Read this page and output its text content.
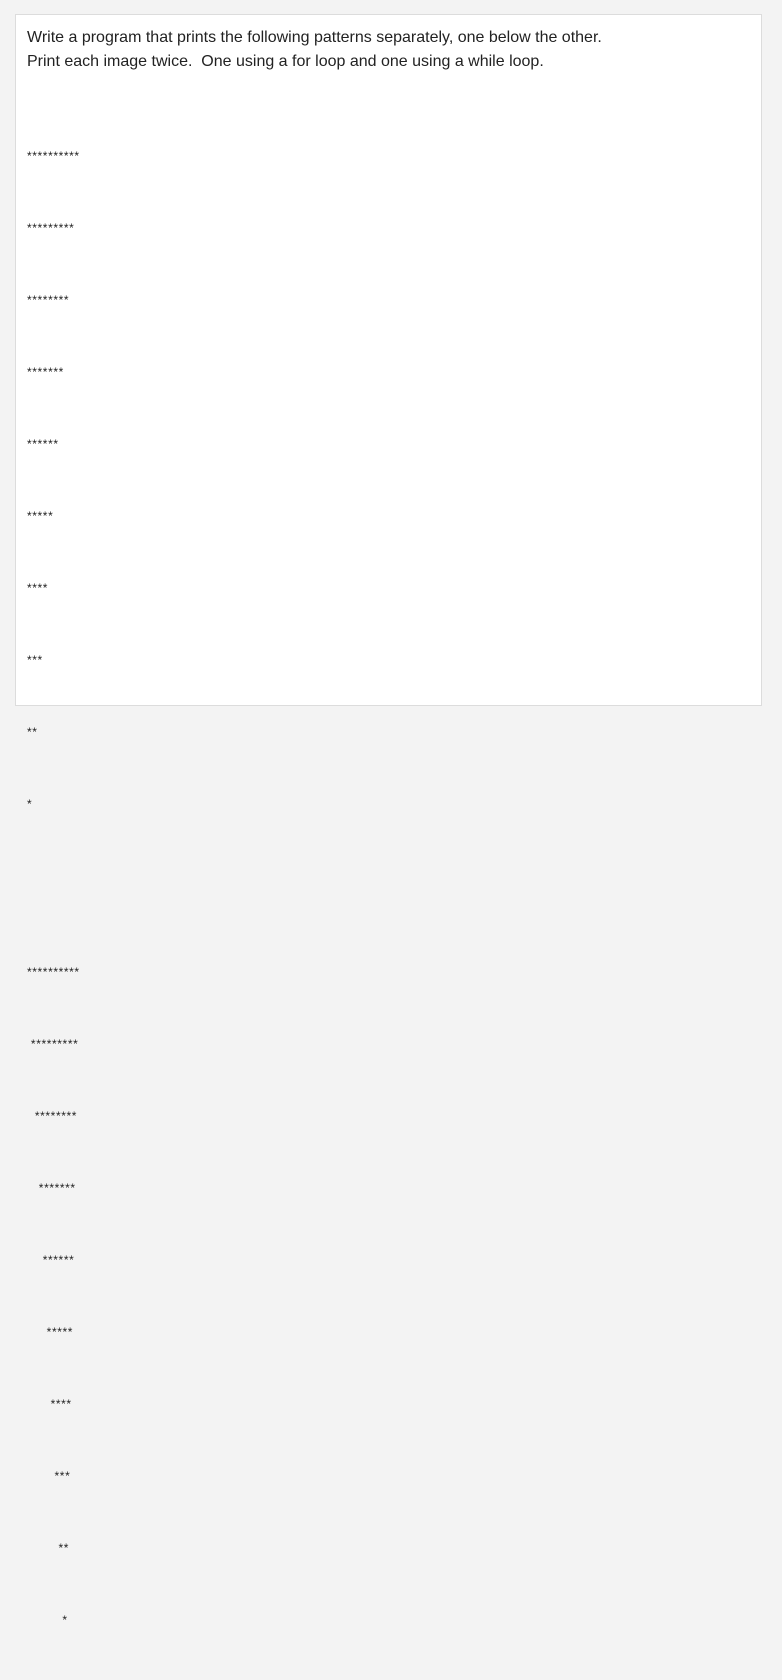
Write a program that prints the following patterns separately, one below the other.

Print each image twice.  One using a for loop and one using a while loop.

**********

*********

********

*******

******

*****

****

***

**

*

**********

*********

********

*******

******

*****

****

***

**

*
